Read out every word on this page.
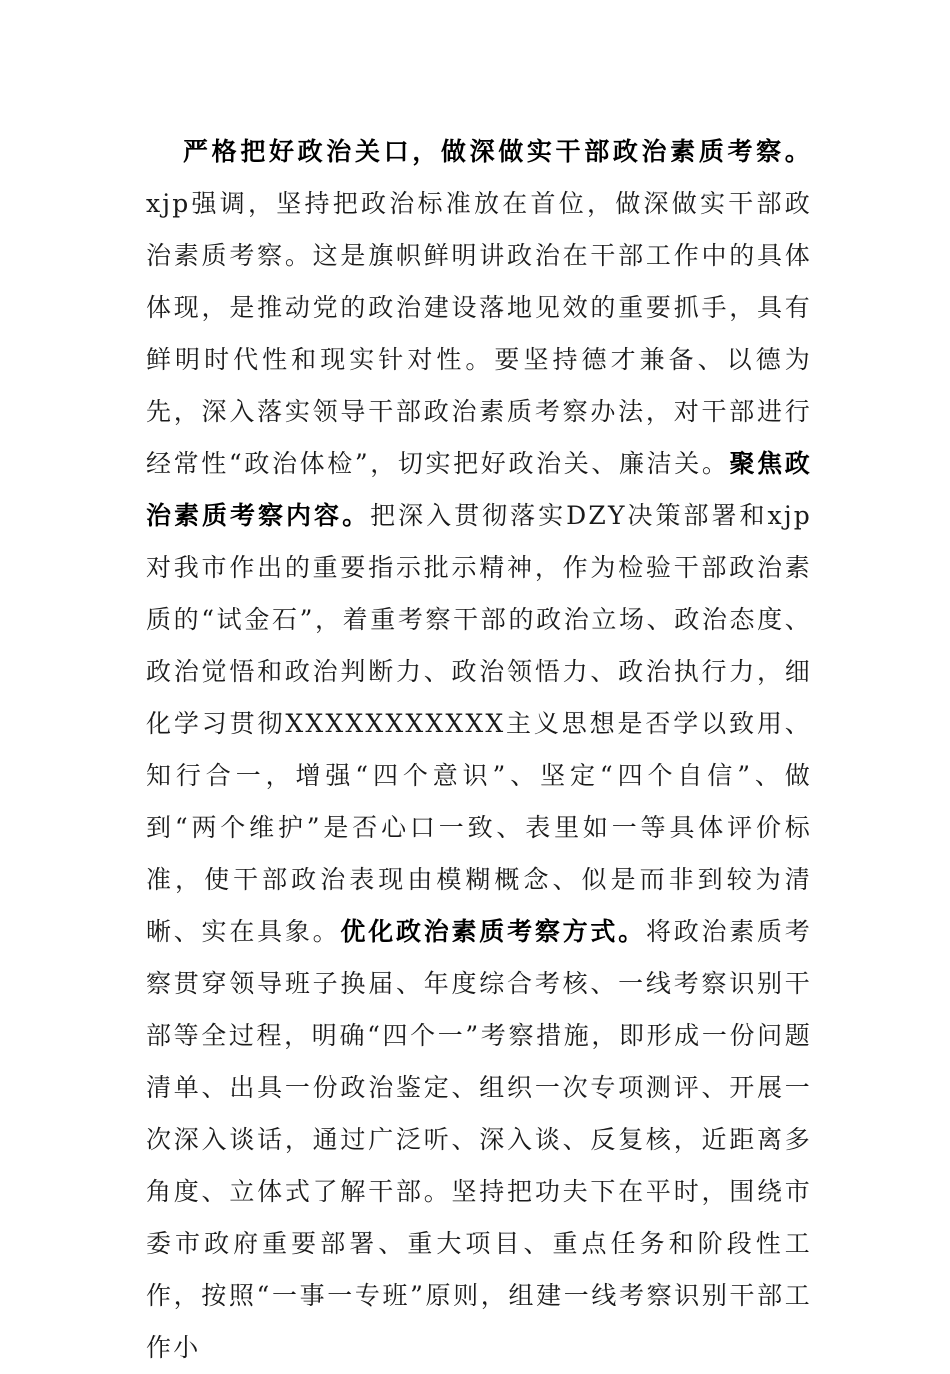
严格把好政治关口，做深做实干部政治素质考察。xjp强调，坚持把政治标准放在首位，做深做实干部政治素质考察。这是旗帜鲜明讲政治在干部工作中的具体体现，是推动党的政治建设落地见效的重要抓手，具有鲜明时代性和现实针对性。要坚持德才兼备、以德为先，深入落实领导干部政治素质考察办法，对干部进行经常性“政治体检”，切实把好政治关、廉洁关。聚焦政治素质考察内容。把深入贯彻落实DZY决策部署和xjp对我市作出的重要指示批示精神，作为检验干部政治素质的“试金石”，着重考察干部的政治立场、政治态度、政治觉悟和政治判断力、政治领悟力、政治执行力，细化学习贯彻XXXXXXXXXXX主义思想是否学以致用、知行合一，增强“四个意识”、坚定“四个自信”、做到“两个维护”是否心口一致、表里如一等具体评价标准，使干部政治表现由模糊概念、似是而非到较为清晰、实在具象。优化政治素质考察方式。将政治素质考察贯穿领导班子换届、年度综合考核、一线考察识别干部等全过程，明确“四个一”考察措施，即形成一份问题清单、出具一份政治鉴定、组织一次专项测评、开展一次深入谈话，通过广泛听、深入谈、反复核，近距离多角度、立体式了解干部。坚持把功夫下在平时，围绕市委市政府重要部署、重大项目、重点任务和阶段性工作，按照“一事一专班”原则，组建一线考察识别干部工作小
